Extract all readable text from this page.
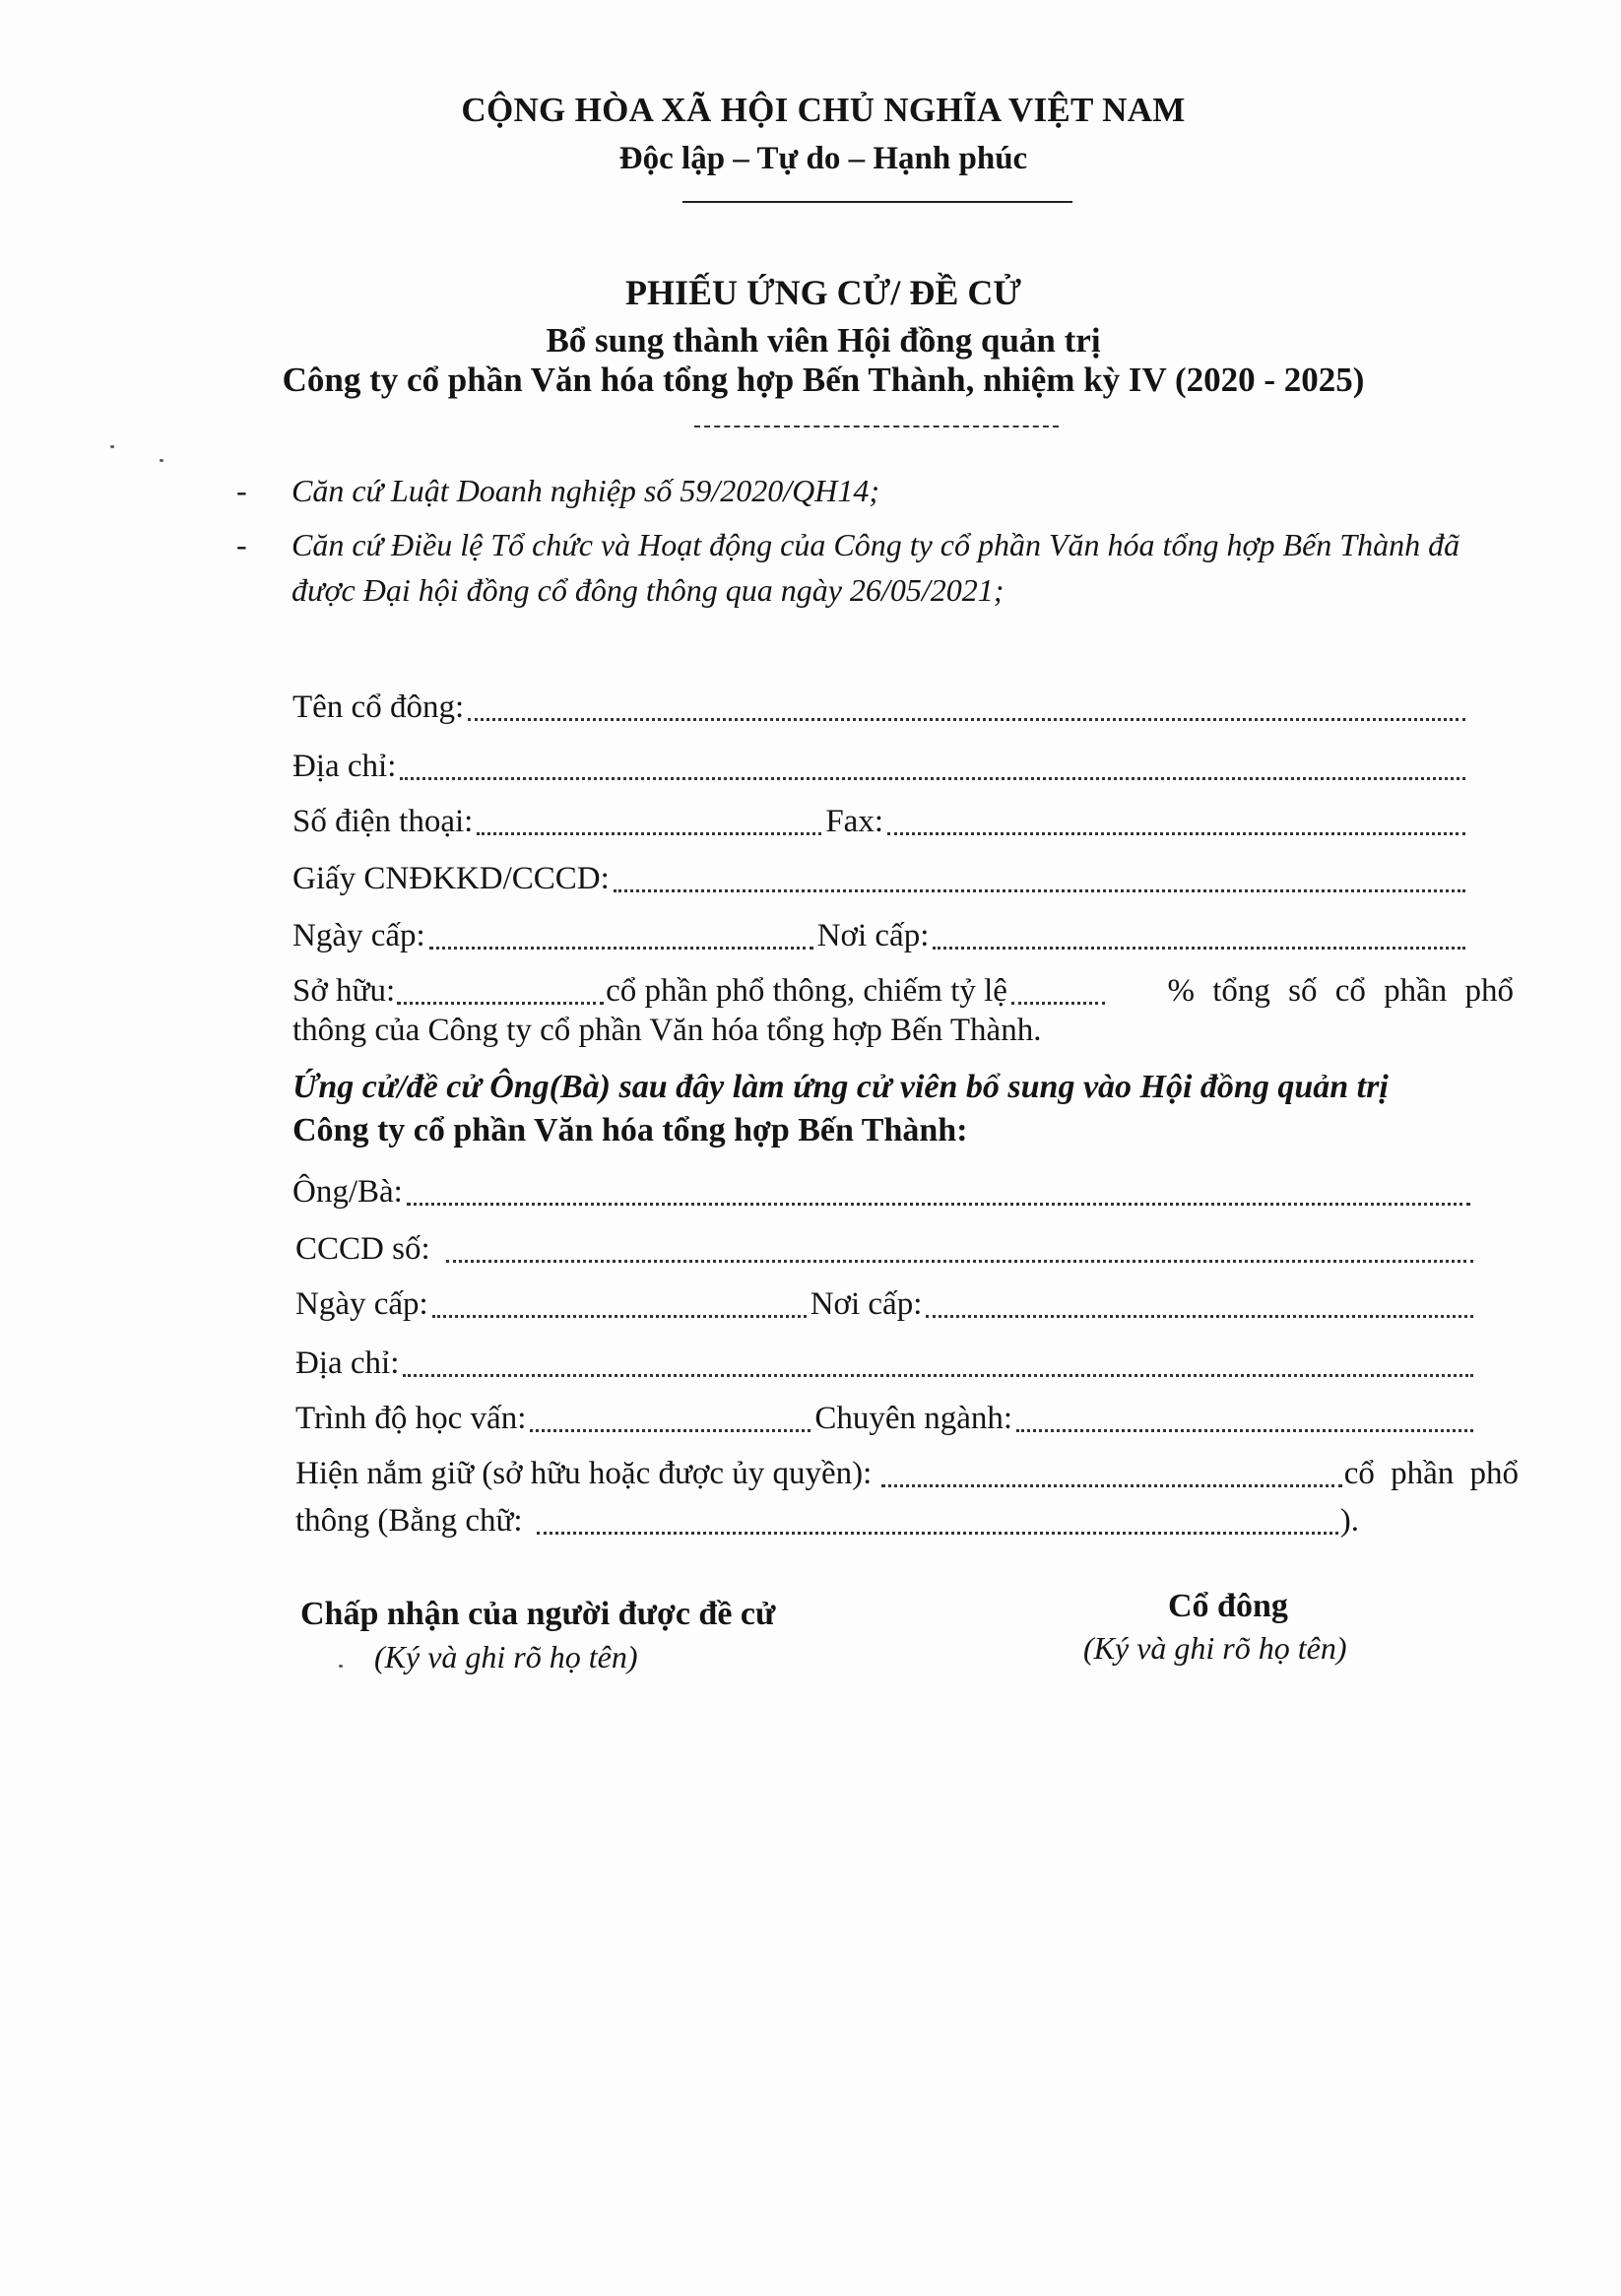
CỘNG HÒA XÃ HỘI CHỦ NGHĨA VIỆT NAM
Độc lập – Tự do – Hạnh phúc
PHIẾU ỨNG CỬ/ ĐỀ CỬ
Bổ sung thành viên Hội đồng quản trị
Công ty cổ phần Văn hóa tổng hợp Bến Thành, nhiệm kỳ IV (2020 - 2025)
- Căn cứ Luật Doanh nghiệp số 59/2020/QH14;
- Căn cứ Điều lệ Tổ chức và Hoạt động của Công ty cổ phần Văn hóa tổng hợp Bến Thành đã được Đại hội đồng cổ đông thông qua ngày 26/05/2021;
Tên cổ đông:
Địa chỉ:
Số điện thoại:	Fax:
Giấy CNĐKKD/CCCD:
Ngày cấp:	Nơi cấp:
Sở hữu:	cổ phần phổ thông, chiếm tỷ lệ	% tổng số cổ phần phổ
thông của Công ty cổ phần Văn hóa tổng hợp Bến Thành.
Ứng cử/đề cử Ông(Bà) sau đây làm ứng cử viên bổ sung vào Hội đồng quản trị
Công ty cổ phần Văn hóa tổng hợp Bến Thành:
Ông/Bà:
CCCD số:
Ngày cấp:	Nơi cấp:
Địa chỉ:
Trình độ học vấn:	Chuyên ngành:
Hiện nắm giữ (sở hữu hoặc được ủy quyền):	cổ phần phổ
thông (Bằng chữ:	).
Chấp nhận của người được đề cử
(Ký và ghi rõ họ tên)
Cổ đông
(Ký và ghi rõ họ tên)
